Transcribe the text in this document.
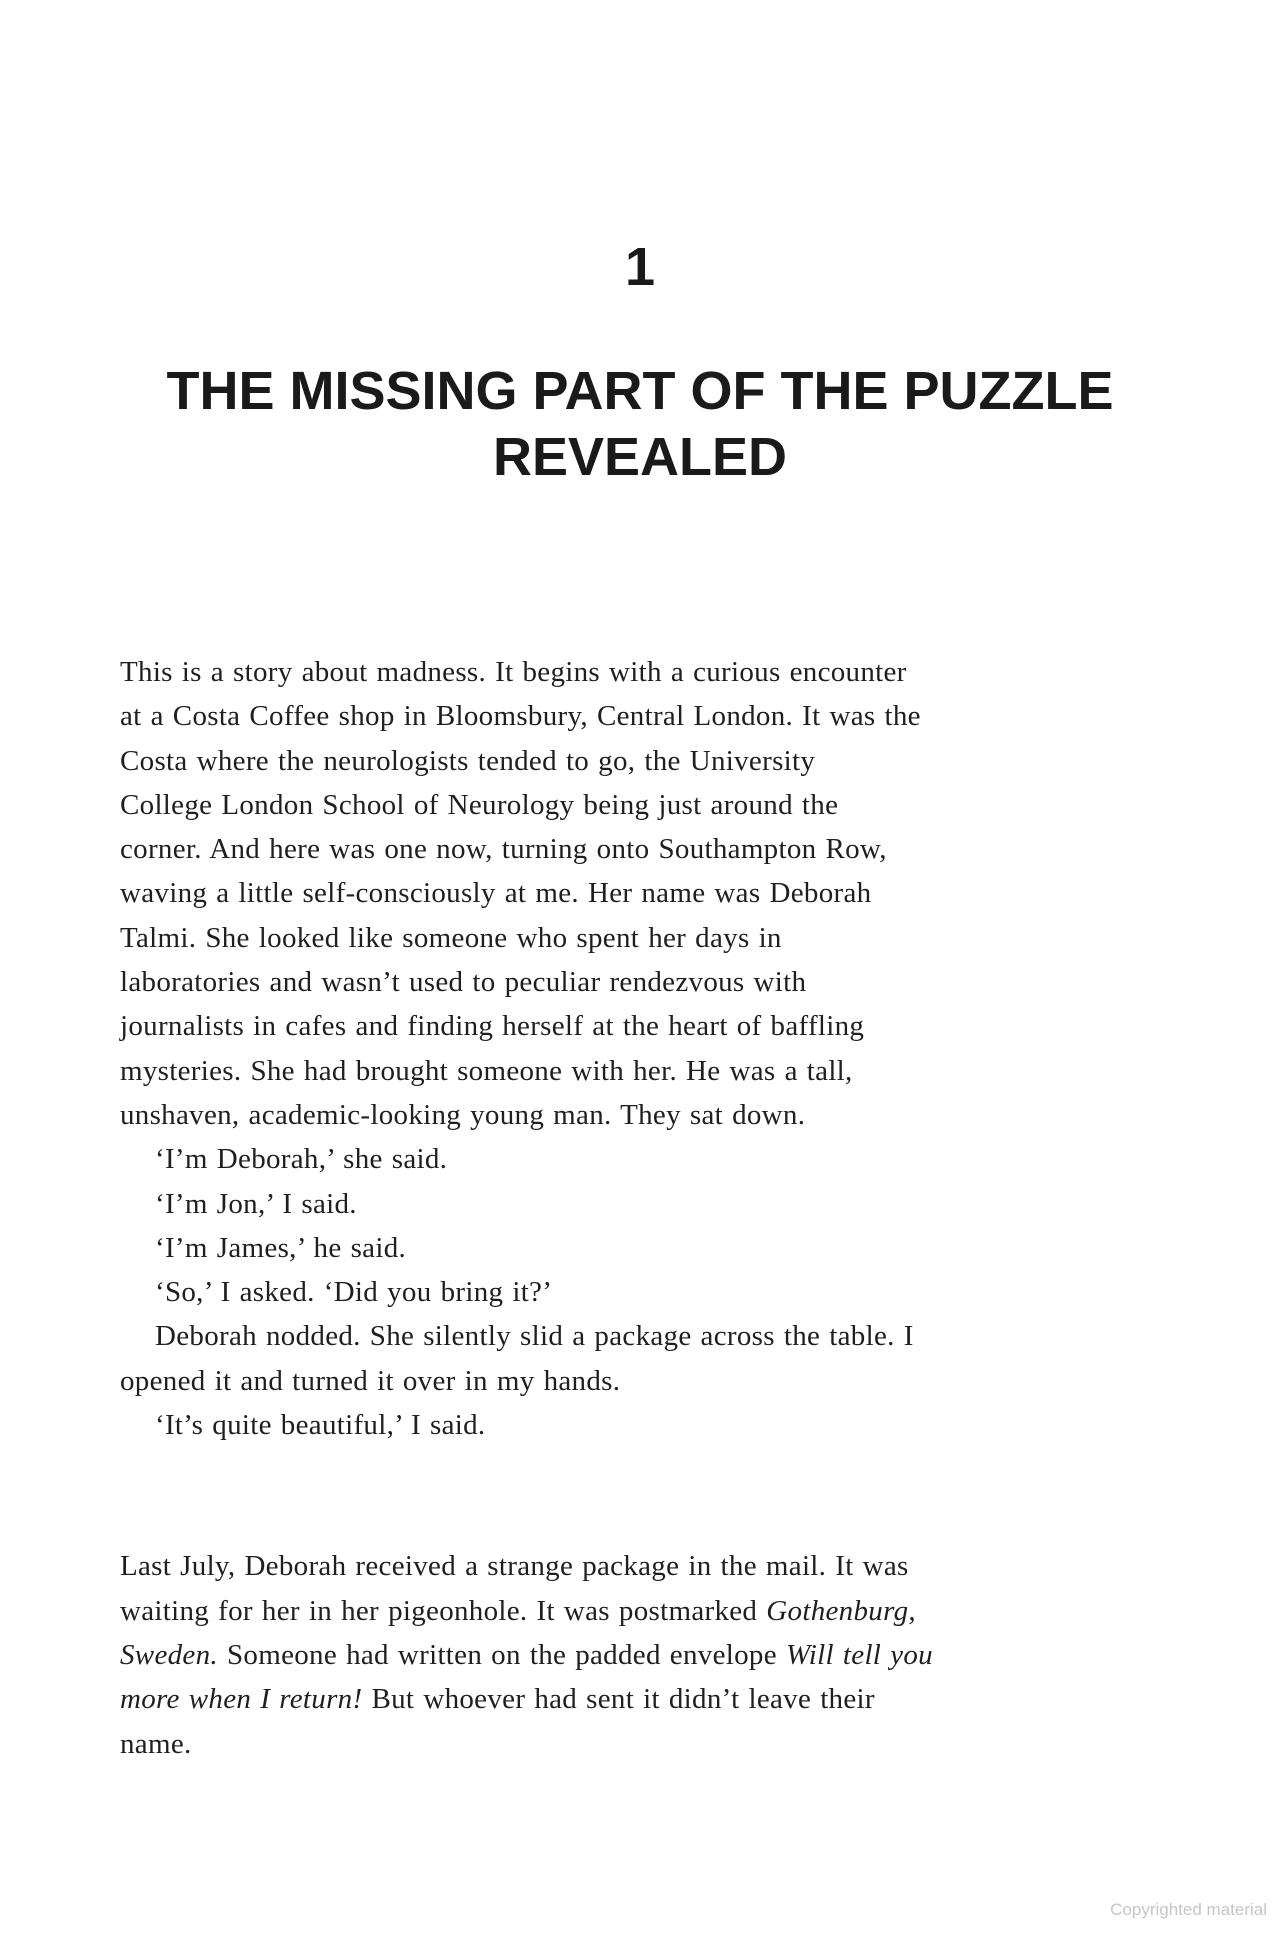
1
THE MISSING PART OF THE PUZZLE
REVEALED
This is a story about madness. It begins with a curious encounter
at a Costa Coffee shop in Bloomsbury, Central London. It was the
Costa where the neurologists tended to go, the University
College London School of Neurology being just around the
corner. And here was one now, turning onto Southampton Row,
waving a little self-consciously at me. Her name was Deborah
Talmi. She looked like someone who spent her days in
laboratories and wasn’t used to peculiar rendezvous with
journalists in cafes and finding herself at the heart of baffling
mysteries. She had brought someone with her. He was a tall,
unshaven, academic-looking young man. They sat down.
‘I’m Deborah,’ she said.
‘I’m Jon,’ I said.
‘I’m James,’ he said.
‘So,’ I asked. ‘Did you bring it?’
Deborah nodded. She silently slid a package across the table. I
opened it and turned it over in my hands.
‘It’s quite beautiful,’ I said.
Last July, Deborah received a strange package in the mail. It was
waiting for her in her pigeonhole. It was postmarked Gothenburg,
Sweden. Someone had written on the padded envelope Will tell you
more when I return! But whoever had sent it didn’t leave their
name.
Copyrighted material
